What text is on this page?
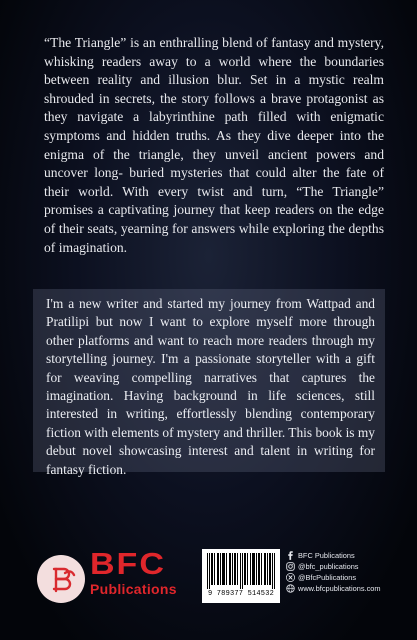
“The Triangle” is an enthralling blend of fantasy and mystery, whisking readers away to a world where the boundaries between reality and illusion blur. Set in a mystic realm shrouded in secrets, the story follows a brave protagonist as they navigate a labyrinthine path filled with enigmatic symptoms and hidden truths. As they dive deeper into the enigma of the triangle, they unveil ancient powers and uncover long- buried mysteries that could alter the fate of their world. With every twist and turn, “The Triangle” promises a captivating journey that keep readers on the edge of their seats, yearning for answers while exploring the depths of imagination.

I'm a new writer and started my journey from Wattpad and Pratilipi but now I want to explore myself more through other platforms and want to reach more readers through my storytelling journey. I'm a passionate storyteller with a gift for weaving compelling narratives that captures the imagination. Having background in life sciences, still interested in writing, effortlessly blending contemporary fiction with elements of mystery and thriller. This book is my debut novel showcasing interest and talent in writing for fantasy fiction.

BFC
Publications	9 789377 514532
BFC Publications
@bfc_publications
@BfcPublications
www.bfcpublications.com
